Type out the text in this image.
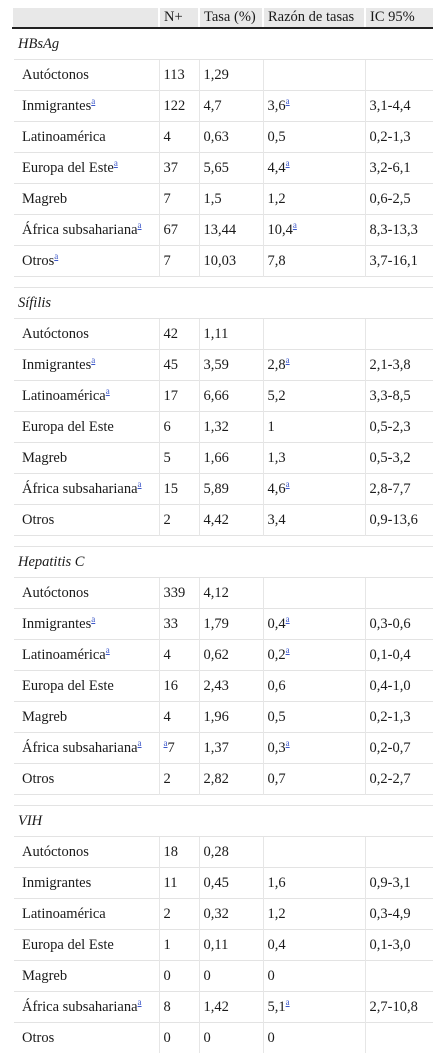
	N+	Tasa (%)	Razón de tasas	IC 95%
HBsAg				
Autóctonos	113	1,29		
Inmigrantes$^a$	122	4,7	3,6$^a$	3,1-4,4
Latinoamérica	4	0,63	0,5	0,2-1,3
Europa del Este$^a$	37	5,65	4,4$^a$	3,2-6,1
Magreb	7	1,5	1,2	0,6-2,5
África subsahariana$^a$	67	13,44	10,4$^a$	8,3-13,3
Otros$^a$	7	10,03	7,8	3,7-16,1

Sífilis				
Autóctonos	42	1,11		
Inmigrantes$^a$	45	3,59	2,8$^a$	2,1-3,8
Latinoamérica$^a$	17	6,66	5,2	3,3-8,5
Europa del Este	6	1,32	1	0,5-2,3
Magreb	5	1,66	1,3	0,5-3,2
África subsahariana$^a$	15	5,89	4,6$^a$	2,8-7,7
Otros	2	4,42	3,4	0,9-13,6

Hepatitis C				
Autóctonos	339	4,12		
Inmigrantes$^a$	33	1,79	0,4$^a$	0,3-0,6
Latinoamérica$^a$	4	0,62	0,2$^a$	0,1-0,4
Europa del Este	16	2,43	0,6	0,4-1,0
Magreb	4	1,96	0,5	0,2-1,3
África subsahariana$^a$	$^a$7	1,37	0,3$^a$	0,2-0,7
Otros	2	2,82	0,7	0,2-2,7

VIH				
Autóctonos	18	0,28		
Inmigrantes	11	0,45	1,6	0,9-3,1
Latinoamérica	2	0,32	1,2	0,3-4,9
Europa del Este	1	0,11	0,4	0,1-3,0
Magreb	0	0	0	
África subsahariana$^a$	8	1,42	5,1$^a$	2,7-10,8
Otros	0	0	0	
